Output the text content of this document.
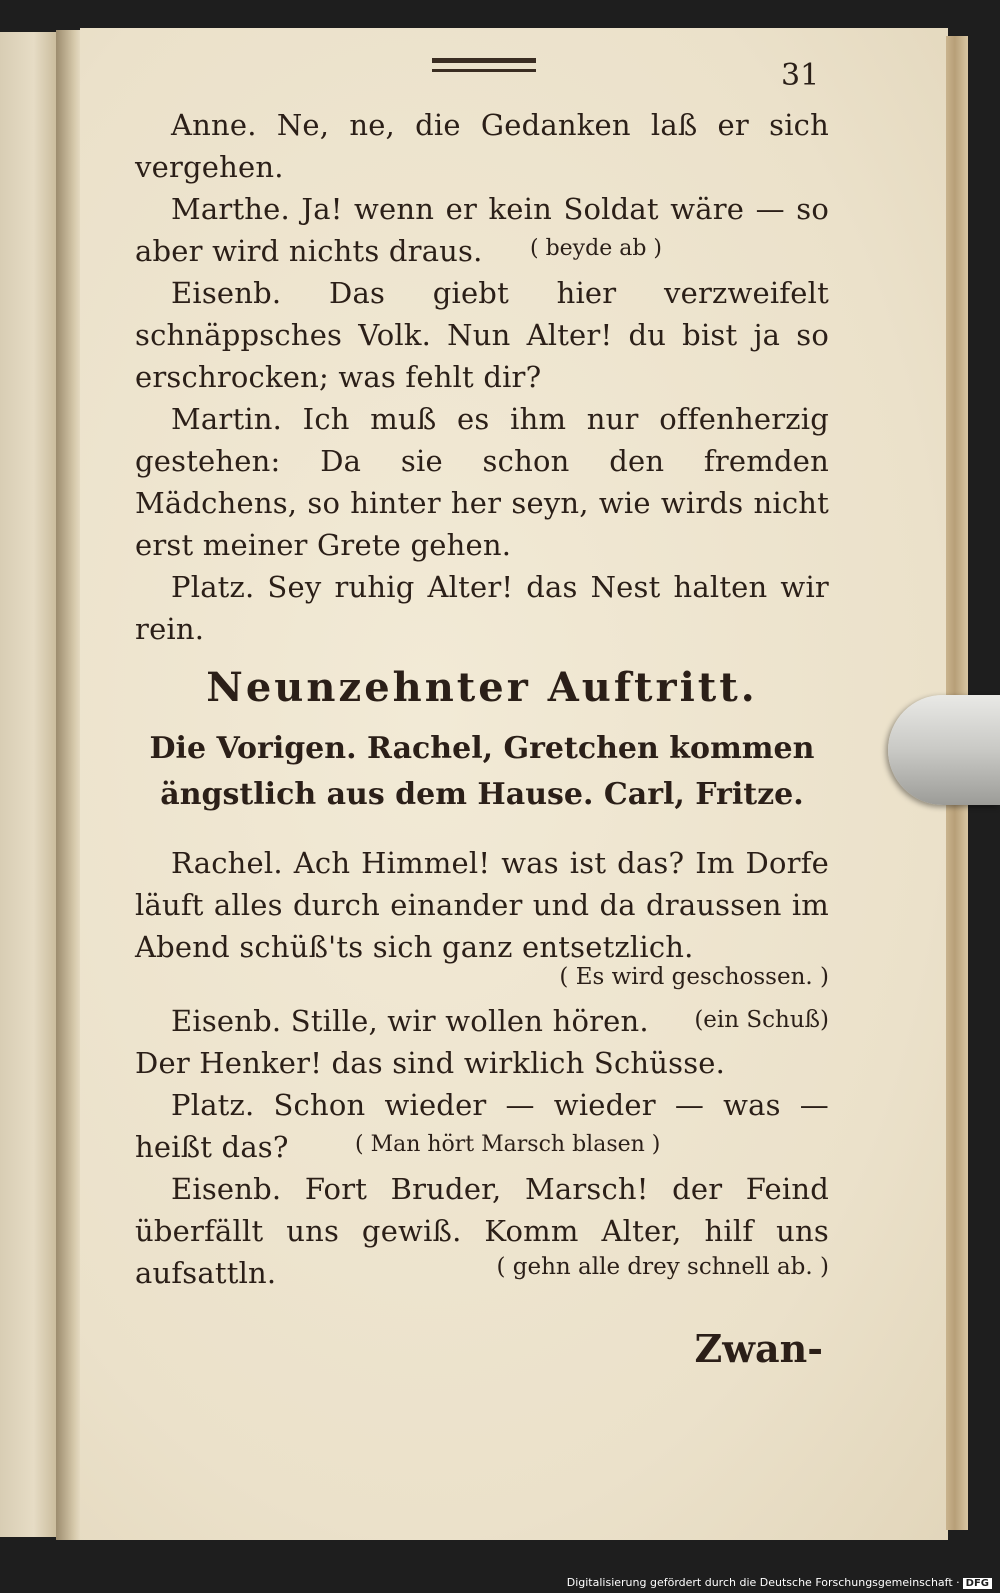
31
Anne. Ne, ne, die Gedanken laß er sich vergehen.
Marthe. Ja! wenn er kein Soldat wäre — so aber wird nichts draus.	( beyde ab )
Eisenb. Das giebt hier verzweifelt schnäppsches Volk. Nun Alter! du bist ja so erschrocken; was fehlt dir?
Martin. Ich muß es ihm nur offenherzig gestehen: Da sie schon den fremden Mädchens, so hinter her seyn, wie wirds nicht erst meiner Grete gehen.
Platz. Sey ruhig Alter! das Nest halten wir rein.
Neunzehnter Auftritt.
Die Vorigen. Rachel, Gretchen kommen ängstlich aus dem Hause. Carl, Fritze.
Rachel. Ach Himmel! was ist das? Im Dorfe läuft alles durch einander und da draussen im Abend schüß'ts sich ganz entsetzlich.
( Es wird geschossen. )
Eisenb. Stille, wir wollen hören. (ein Schuß)
Der Henker! das sind wirklich Schüsse.
Platz. Schon wieder — wieder — was — heißt das?	( Man hört Marsch blasen )
Eisenb. Fort Bruder, Marsch! der Feind überfällt uns gewiß. Komm Alter, hilf uns aufsattln.	( gehn alle drey schnell ab. )
Zwan-
Digitalisierung gefördert durch die Deutsche Forschungsgemeinschaft · DFG
